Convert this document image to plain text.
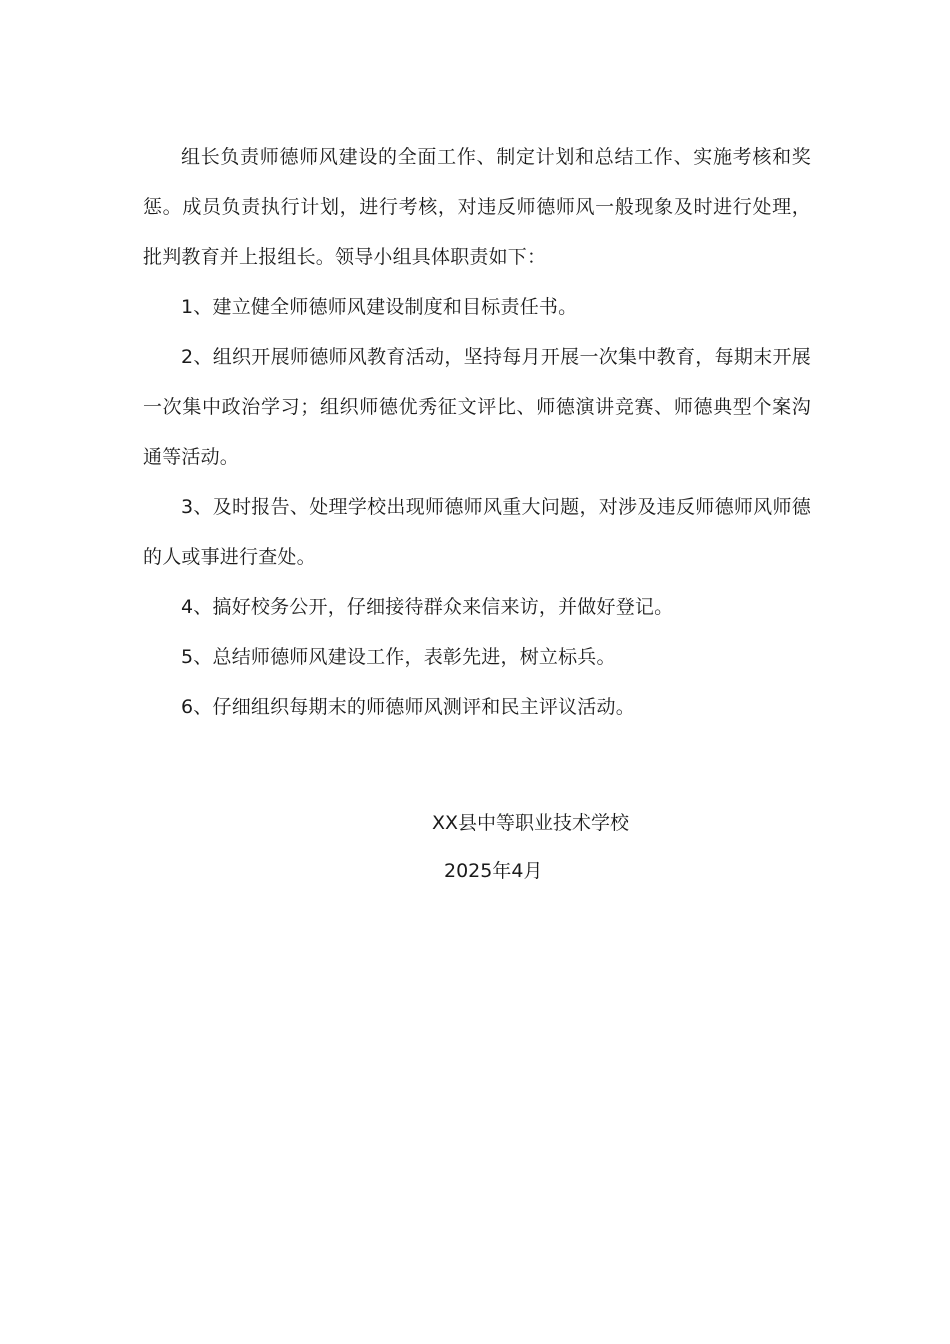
组长负责师德师风建设的全面工作、制定计划和总结工作、实施考核和奖惩。成员负责执行计划，进行考核，对违反师德师风一般现象及时进行处理，批判教育并上报组长。领导小组具体职责如下：

1、建立健全师德师风建设制度和目标责任书。

2、组织开展师德师风教育活动，坚持每月开展一次集中教育，每期末开展一次集中政治学习；组织师德优秀征文评比、师德演讲竞赛、师德典型个案沟通等活动。

3、及时报告、处理学校出现师德师风重大问题，对涉及违反师德师风师德的人或事进行查处。

4、搞好校务公开，仔细接待群众来信来访，并做好登记。

5、总结师德师风建设工作，表彰先进，树立标兵。

6、仔细组织每期末的师德师风测评和民主评议活动。

XX县中等职业技术学校
2025年4月
